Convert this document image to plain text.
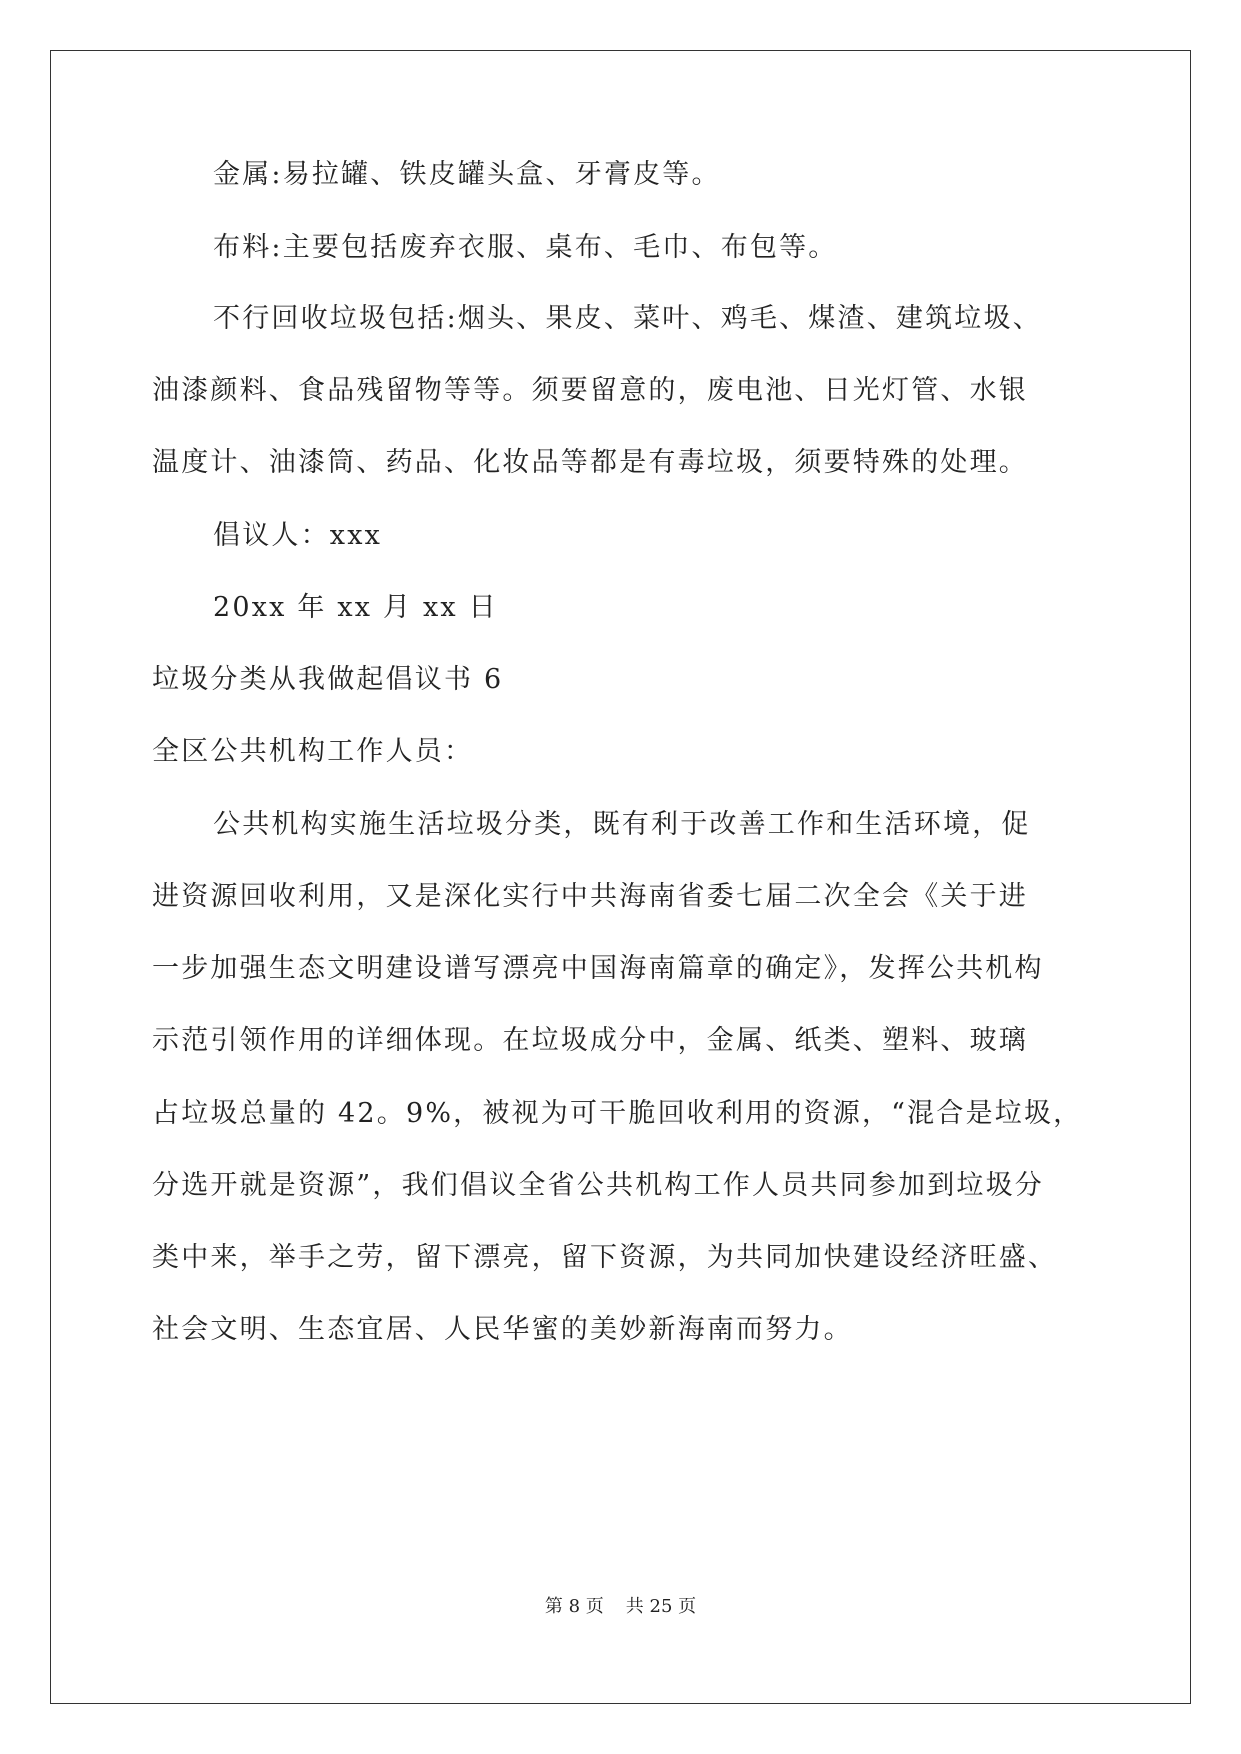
金属:易拉罐、铁皮罐头盒、牙膏皮等。
布料:主要包括废弃衣服、桌布、毛巾、布包等。
不行回收垃圾包括:烟头、果皮、菜叶、鸡毛、煤渣、建筑垃圾、
油漆颜料、食品残留物等等。须要留意的，废电池、日光灯管、水银
温度计、油漆筒、药品、化妆品等都是有毒垃圾，须要特殊的处理。
倡议人：xxx
20xx 年 xx 月 xx 日
垃圾分类从我做起倡议书 6
全区公共机构工作人员：
公共机构实施生活垃圾分类，既有利于改善工作和生活环境，促
进资源回收利用，又是深化实行中共海南省委七届二次全会《关于进
一步加强生态文明建设谱写漂亮中国海南篇章的确定》，发挥公共机构
示范引领作用的详细体现。在垃圾成分中，金属、纸类、塑料、玻璃
占垃圾总量的 42。9%，被视为可干脆回收利用的资源，“混合是垃圾，
分选开就是资源”，我们倡议全省公共机构工作人员共同参加到垃圾分
类中来，举手之劳，留下漂亮，留下资源，为共同加快建设经济旺盛、
社会文明、生态宜居、人民华蜜的美妙新海南而努力。
第 8 页 共 25 页
